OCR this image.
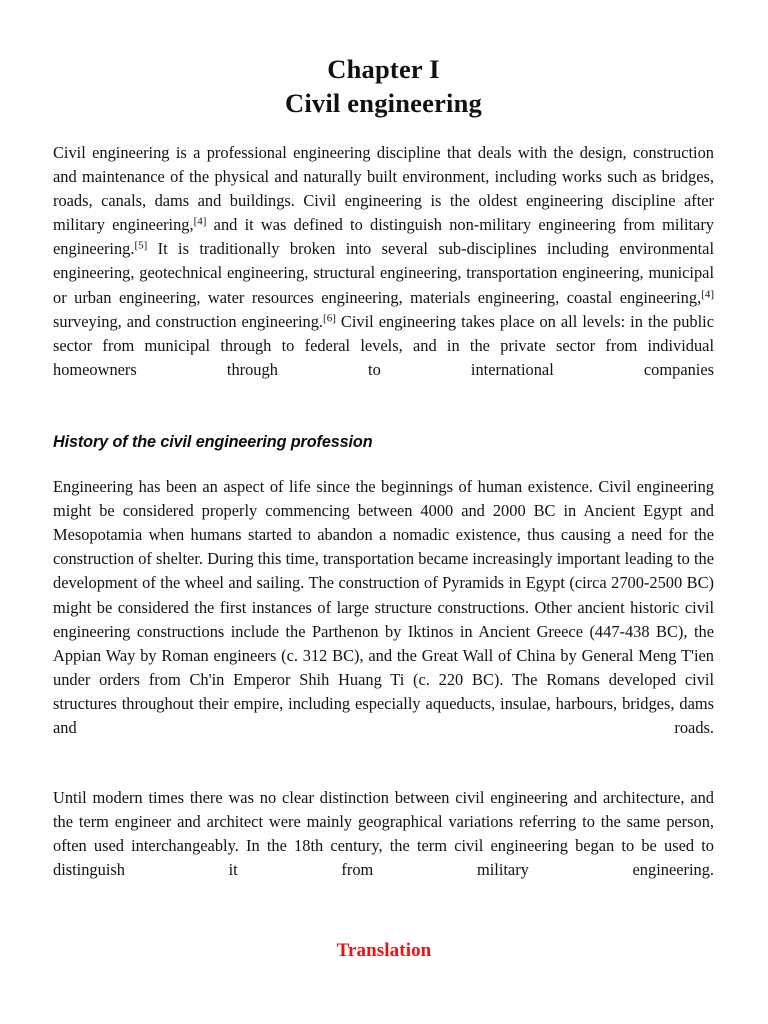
Chapter I
Civil engineering

Civil engineering is a professional engineering discipline that deals with the design, construction and maintenance of the physical and naturally built environment, including works such as bridges, roads, canals, dams and buildings. Civil engineering is the oldest engineering discipline after military engineering,[4] and it was defined to distinguish non-military engineering from military engineering.[5] It is traditionally broken into several sub-disciplines including environmental engineering, geotechnical engineering, structural engineering, transportation engineering, municipal or urban engineering, water resources engineering, materials engineering, coastal engineering,[4] surveying, and construction engineering.[6] Civil engineering takes place on all levels: in the public sector from municipal through to federal levels, and in the private sector from individual homeowners through to international companies

History of the civil engineering profession

Engineering has been an aspect of life since the beginnings of human existence. Civil engineering might be considered properly commencing between 4000 and 2000 BC in Ancient Egypt and Mesopotamia when humans started to abandon a nomadic existence, thus causing a need for the construction of shelter. During this time, transportation became increasingly important leading to the development of the wheel and sailing. The construction of Pyramids in Egypt (circa 2700-2500 BC) might be considered the first instances of large structure constructions. Other ancient historic civil engineering constructions include the Parthenon by Iktinos in Ancient Greece (447-438 BC), the Appian Way by Roman engineers (c. 312 BC), and the Great Wall of China by General Meng T'ien under orders from Ch'in Emperor Shih Huang Ti (c. 220 BC). The Romans developed civil structures throughout their empire, including especially aqueducts, insulae, harbours, bridges, dams and roads.

Until modern times there was no clear distinction between civil engineering and architecture, and the term engineer and architect were mainly geographical variations referring to the same person, often used interchangeably. In the 18th century, the term civil engineering began to be used to distinguish it from military engineering.

Translation
